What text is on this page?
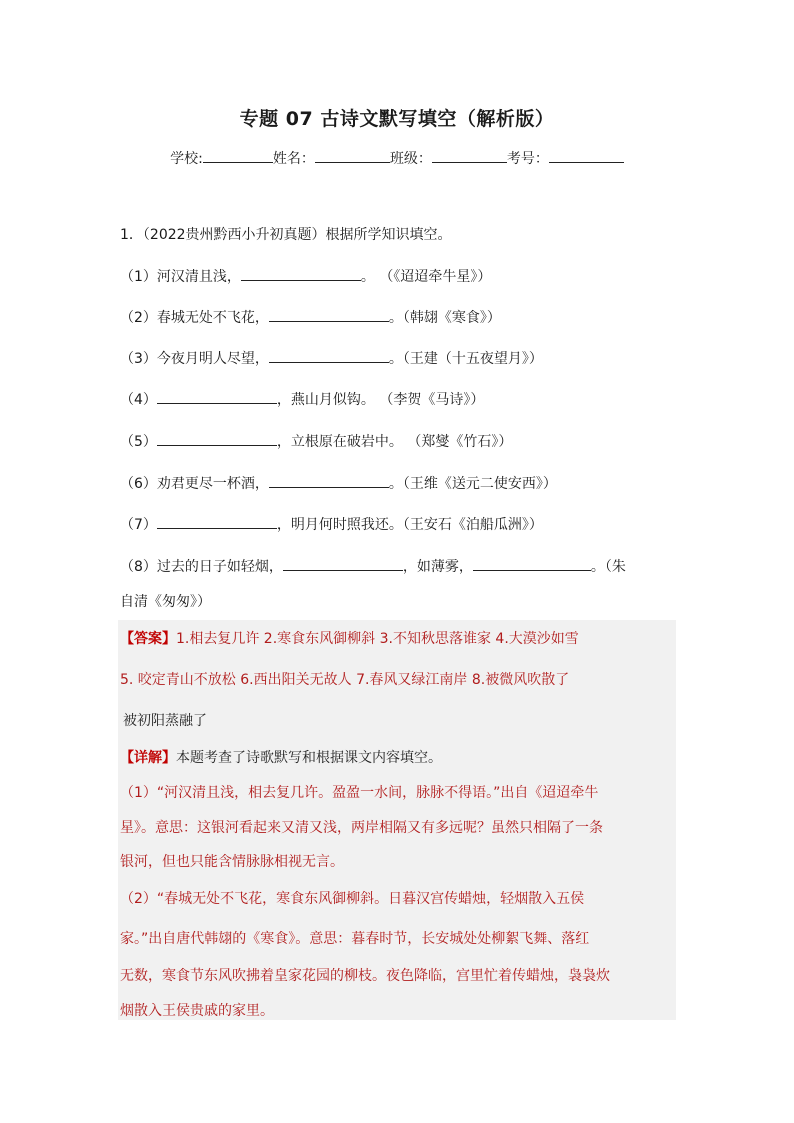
专题 07 古诗文默写填空（解析版）
学校:	姓名：	班级：	考号：
1．（2022贵州黔西小升初真题）根据所学知识填空。
（1）河汉清且浅，	。 （《迢迢牵牛星》）
（2）春城无处不飞花，	。（韩翃《寒食》）
（3）今夜月明人尽望，	。（王建（十五夜望月》）
（4）	，燕山月似钩。 （李贺《马诗》）
（5）	，立根原在破岩中。 （郑燮《竹石》）
（6）劝君更尽一杯酒，	。（王维《送元二使安西》）
（7）	，明月何时照我还。（王安石《泊船瓜洲》）
（8）过去的日子如轻烟，	，如薄雾，	。（朱
自清《匆匆》）
【答案】1.相去复几许 2.寒食东风御柳斜 3.不知秋思落谁家 4.大漠沙如雪
5. 咬定青山不放松 6.西出阳关无故人 7.春风又绿江南岸 8.被微风吹散了
被初阳蒸融了
【详解】本题考查了诗歌默写和根据课文内容填空。
（1）“河汉清且浅，相去复几许。盈盈一水间，脉脉不得语。”出自《迢迢牵牛
星》。意思：这银河看起来又清又浅，两岸相隔又有多远呢？虽然只相隔了一条
银河，但也只能含情脉脉相视无言。
（2）“春城无处不飞花，寒食东风御柳斜。日暮汉宫传蜡烛，轻烟散入五侯
家。”出自唐代韩翃的《寒食》。意思：暮春时节，长安城处处柳絮飞舞、落红
无数，寒食节东风吹拂着皇家花园的柳枝。夜色降临，宫里忙着传蜡烛，袅袅炊
烟散入王侯贵戚的家里。
